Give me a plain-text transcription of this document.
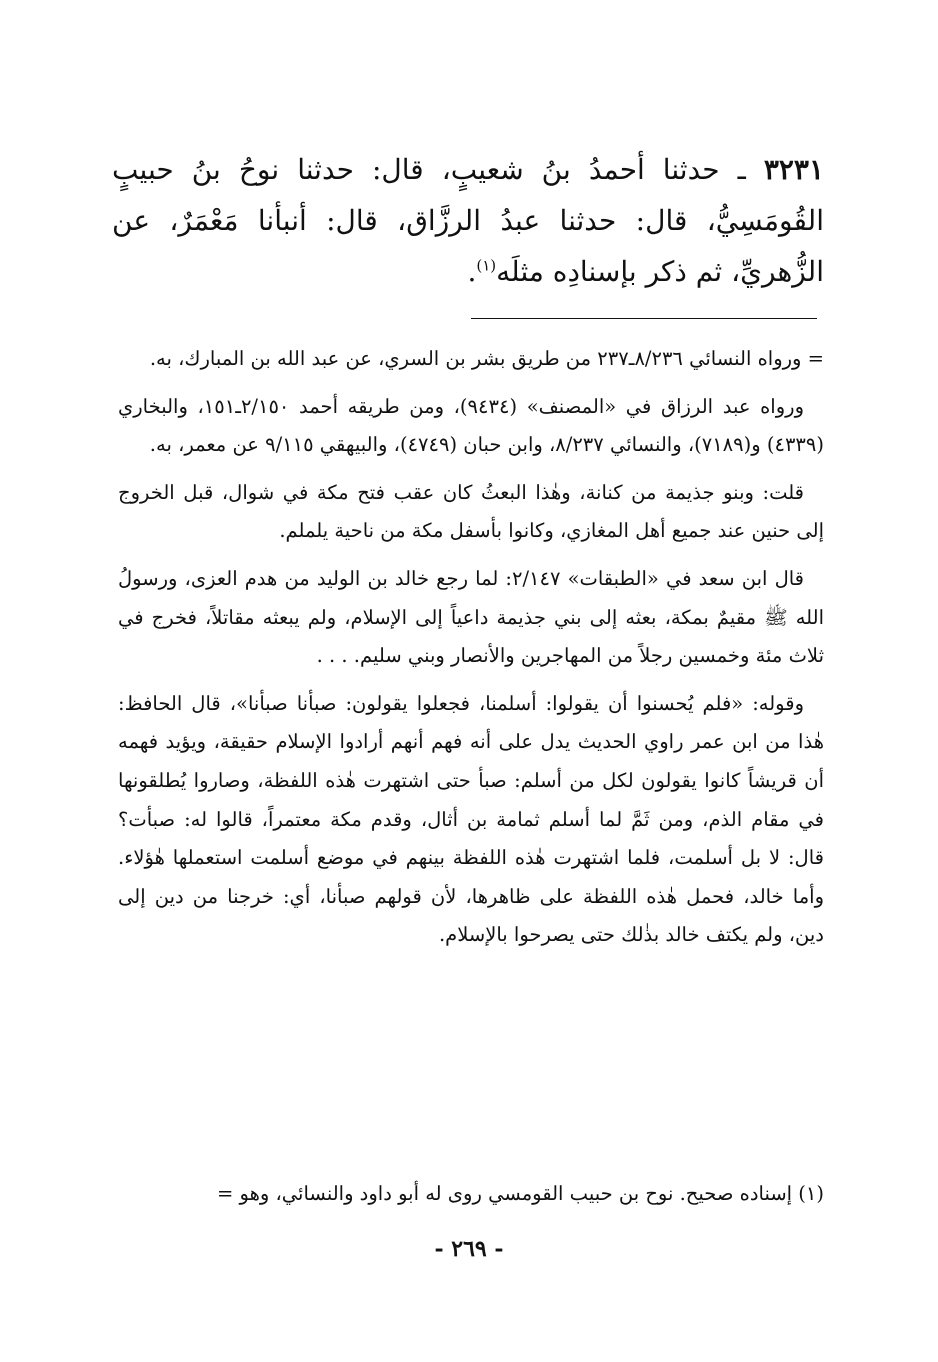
٣٢٣١ ـ حدثنا أحمدُ بنُ شعيبٍ، قال: حدثنا نوحُ بنُ حبيبٍ القُومَسِيُّ، قال: حدثنا عبدُ الرزَّاق، قال: أنبأنا مَعْمَرٌ، عن الزُّهريِّ، ثم ذكر بإسنادِه مثلَه$^{(١)}$.

= ورواه النسائي ٨/٢٣٦ـ٢٣٧ من طريق بشر بن السري، عن عبد الله بن المبارك، به.

ورواه عبد الرزاق في «المصنف» (٩٤٣٤)، ومن طريقه أحمد ٢/١٥٠ـ١٥١، والبخاري (٤٣٣٩) و(٧١٨٩)، والنسائي ٨/٢٣٧، وابن حبان (٤٧٤٩)، والبيهقي ٩/١١٥ عن معمر، به.

قلت: وبنو جذيمة من كنانة، وهٰذا البعثُ كان عقب فتح مكة في شوال، قبل الخروج إلى حنين عند جميع أهل المغازي، وكانوا بأسفل مكة من ناحية يلملم.

قال ابن سعد في «الطبقات» ٢/١٤٧: لما رجع خالد بن الوليد من هدم العزى، ورسولُ الله ﷺ مقيمٌ بمكة، بعثه إلى بني جذيمة داعياً إلى الإسلام، ولم يبعثه مقاتلاً، فخرج في ثلاث مئة وخمسين رجلاً من المهاجرين والأنصار وبني سليم. . . .

وقوله: «فلم يُحسنوا أن يقولوا: أسلمنا، فجعلوا يقولون: صبأنا صبأنا»، قال الحافظ: هٰذا من ابن عمر راوي الحديث يدل على أنه فهم أنهم أرادوا الإسلام حقيقة، ويؤيد فهمه أن قريشاً كانوا يقولون لكل من أسلم: صبأ حتى اشتهرت هٰذه اللفظة، وصاروا يُطلقونها في مقام الذم، ومن ثَمَّ لما أسلم ثمامة بن أثال، وقدم مكة معتمراً، قالوا له: صبأت؟ قال: لا بل أسلمت، فلما اشتهرت هٰذه اللفظة بينهم في موضع أسلمت استعملها هٰؤلاء. وأما خالد، فحمل هٰذه اللفظة على ظاهرها، لأن قولهم صبأنا، أي: خرجنا من دين إلى دين، ولم يكتف خالد بذٰلك حتى يصرحوا بالإسلام.

(١) إسناده صحيح. نوح بن حبيب القومسي روى له أبو داود والنسائي، وهو =

- ٢٦٩ -
